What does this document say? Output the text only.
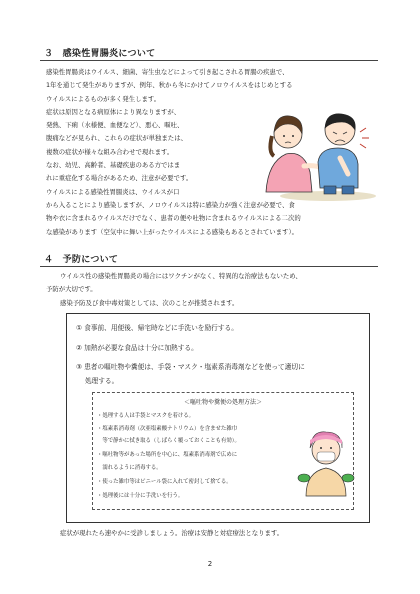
３　感染性胃腸炎について
感染性胃腸炎はウイルス、細菌、寄生虫などによって引き起こされる胃腸の疾患で、
1年を通じて発生がありますが、例年、秋から冬にかけてノロウイルスをはじめとする
ウイルスによるものが多く発生します。
症状は原因となる病原体により異なりますが、
発熱、下痢（水様便、血便など）、悪心、嘔吐、
腹痛などが見られ、これらの症状が単独または、
複数の症状が様々な組み合わせで現れます。
なお、幼児、高齢者、基礎疾患のある方ではま
れに重症化する場合があるため、注意が必要です。
ウイルスによる感染性胃腸炎は、ウイルスが口
から入ることにより感染しますが、ノロウイルスは特に感染力が強く注意が必要で、食
物や衣に含まれるウイルスだけでなく、患者の便や吐物に含まれるウイルスによる二次的
な感染があります（空気中に舞い上がったウイルスによる感染もあるとされています）。
４　予防について
ウイルス性の感染性胃腸炎の場合にはワクチンがなく、特異的な治療法もないため、
予防が大切です。
感染予防及び食中毒対策としては、次のことが推奨されます。
① 食事前、用便後、帰宅時などに手洗いを励行する。
② 加熱が必要な食品は十分に加熱する。
③ 患者の嘔吐物や糞便は、手袋・マスク・塩素系消毒剤などを使って適切に
　 処理する。
＜嘔吐物や糞便の処理方法＞
・処理する人は手袋とマスクを着ける。
・塩素系消毒剤（次亜塩素酸ナトリウム）を含ませた雑巾
　等で静かに拭き取る（しばらく覆っておくことも有効）。
・嘔吐物等があった場所を中心に、塩素系消毒剤で広めに
　濡れるように消毒する。
・使った雑巾等はビニール袋に入れて密封して捨てる。
・処理後には十分に手洗いを行う。
症状が現れたら速やかに受診しましょう。治療は安静と対症療法となります。
2
